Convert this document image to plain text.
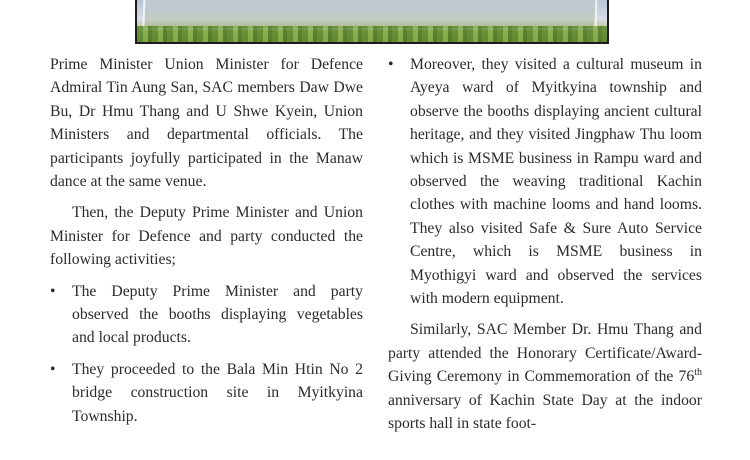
Prime Minister Union Minister for Defence Admiral Tin Aung San, SAC members Daw Dwe Bu, Dr Hmu Thang and U Shwe Kyein, Union Ministers and departmental officials. The participants joyfully participated in the Manaw dance at the same venue.

Then, the Deputy Prime Minister and Union Minister for Defence and party conducted the following activities;

• The Deputy Prime Minister and party observed the booths displaying vegetables and local products.
• They proceeded to the Bala Min Htin No 2 bridge construction site in Myitkyina Township.
• Moreover, they visited a cultural museum in Ayeya ward of Myitkyina township and observe the booths displaying ancient cultural heritage, and they visited Jingphaw Thu loom which is MSME business in Rampu ward and observed the weaving traditional Kachin clothes with machine looms and hand looms. They also visited Safe & Sure Auto Service Centre, which is MSME business in Myothigyi ward and observed the services with modern equipment.

Similarly, SAC Member Dr. Hmu Thang and party attended the Honorary Certificate/Award-Giving Ceremony in Commemoration of the 76th anniversary of Kachin State Day at the indoor sports hall in state foot-
